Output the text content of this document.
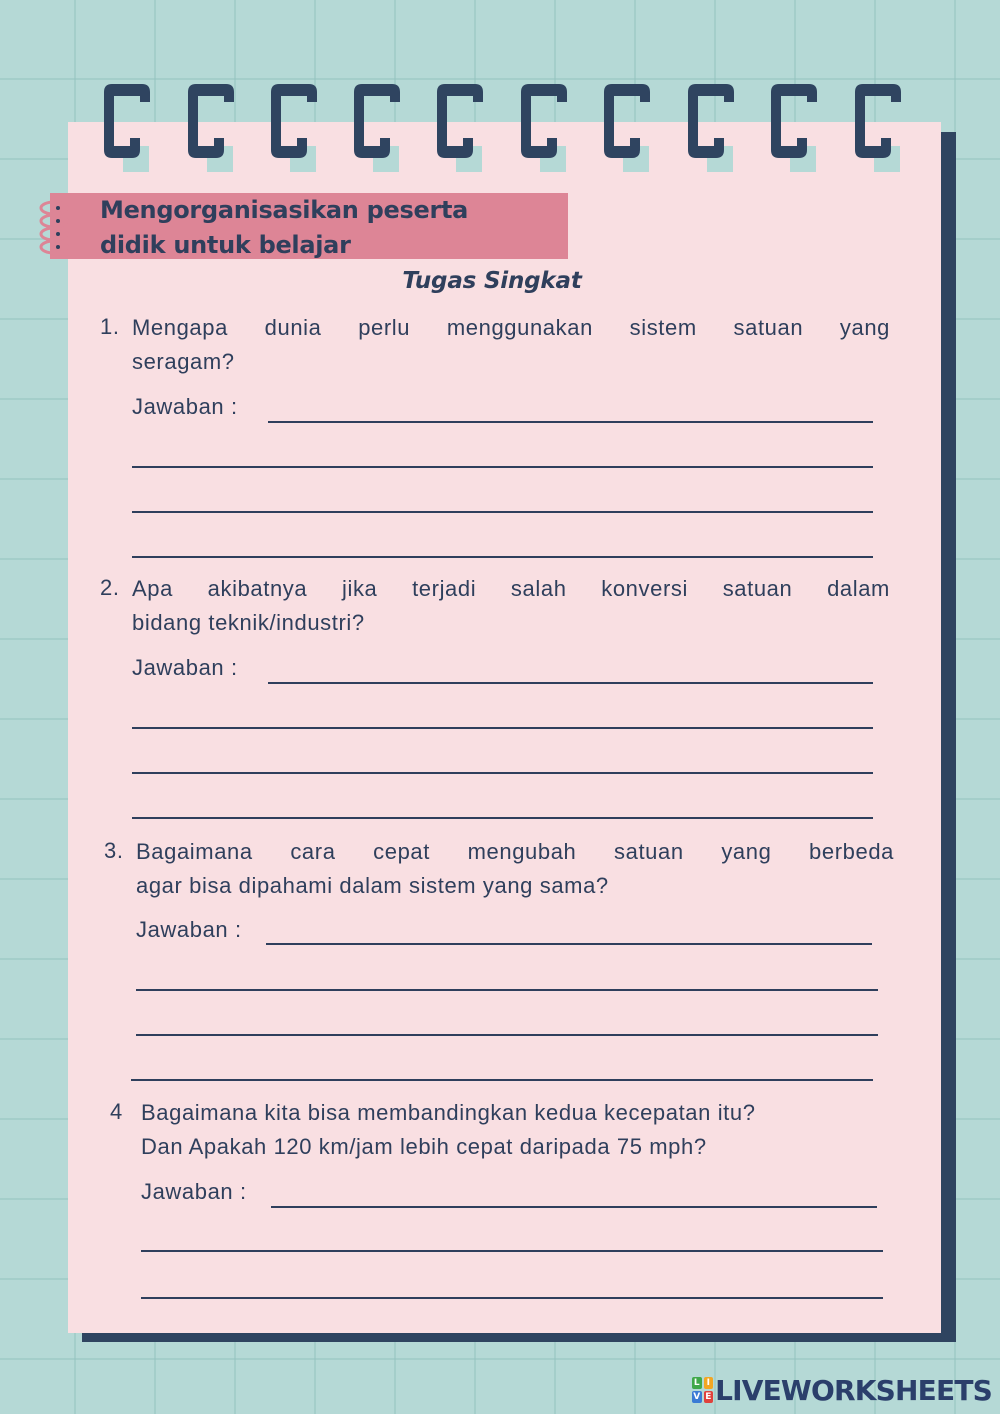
Mengorganisasikan peserta
didik untuk belajar
Tugas Singkat
1. Mengapa dunia perlu menggunakan sistem satuan yang
seragam?
Jawaban :
2. Apa akibatnya jika terjadi salah konversi satuan dalam
bidang teknik/industri?
Jawaban :
3. Bagaimana cara cepat mengubah satuan yang berbeda
agar bisa dipahami dalam sistem yang sama?
Jawaban :
4 Bagaimana kita bisa membandingkan kedua kecepatan itu?
Dan Apakah 120 km/jam lebih cepat daripada 75 mph?
Jawaban :
L I
V E LIVEWORKSHEETS
